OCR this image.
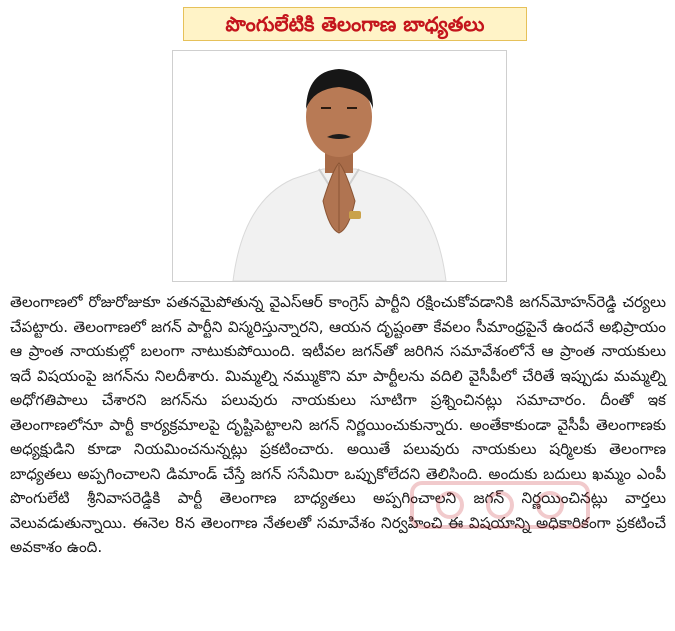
పొంగులేటికి తెలంగాణ బాధ్యతలు

తెలంగాణలో రోజురోజుకూ పతనమైపోతున్న వైఎస్ఆర్ కాంగ్రెస్ పార్టీని రక్షించుకోవడానికి జగన్‌మోహన్‌రెడ్డి చర్యలు చేపట్టారు. తెలంగాణలో జగన్ పార్టీని విస్మరిస్తున్నారని, ఆయన దృష్టంతా కేవలం సీమాంధ్రపైనే ఉందనే అభిప్రాయం ఆ ప్రాంత నాయకుల్లో బలంగా నాటుకుపోయింది. ఇటీవల జగన్‌తో జరిగిన సమావేశంలోనే ఆ ప్రాంత నాయకులు ఇదే విషయంపై జగన్‌ను నిలదీశారు. మిమ్మల్ని నమ్ముకొని మా పార్టీలను వదిలి వైసీపీలో చేరితే ఇప్పుడు మమ్మల్ని అధోగతిపాలు చేశారని జగన్‌ను పలువురు నాయకులు సూటిగా ప్రశ్నించినట్లు సమాచారం. దీంతో ఇక తెలంగాణలోనూ పార్టీ కార్యక్రమాలపై దృష్టిపెట్టాలని జగన్ నిర్ణయించుకున్నారు. అంతేకాకుండా వైసీపీ తెలంగాణకు అధ్యక్షుడిని కూడా నియమించనున్నట్లు ప్రకటించారు. అయితే పలువురు నాయకులు షర్మిలకు తెలంగాణ బాధ్యతలు అప్పగించాలని డిమాండ్ చేస్తే జగన్ ససేమిరా ఒప్పుకోలేదని తెలిసింది. అందుకు బదులు ఖమ్మం ఎంపీ పొంగులేటి శ్రీనివాసరెడ్డికి పార్టీ తెలంగాణ బాధ్యతలు అప్పగించాలని జగన్ నిర్ణయించినట్లు వార్తలు వెలువడుతున్నాయి. ఈనెల 8న తెలంగాణ నేతలతో సమావేశం నిర్వహించి ఈ విషయాన్ని అధికారికంగా ప్రకటించే అవకాశం ఉంది.
